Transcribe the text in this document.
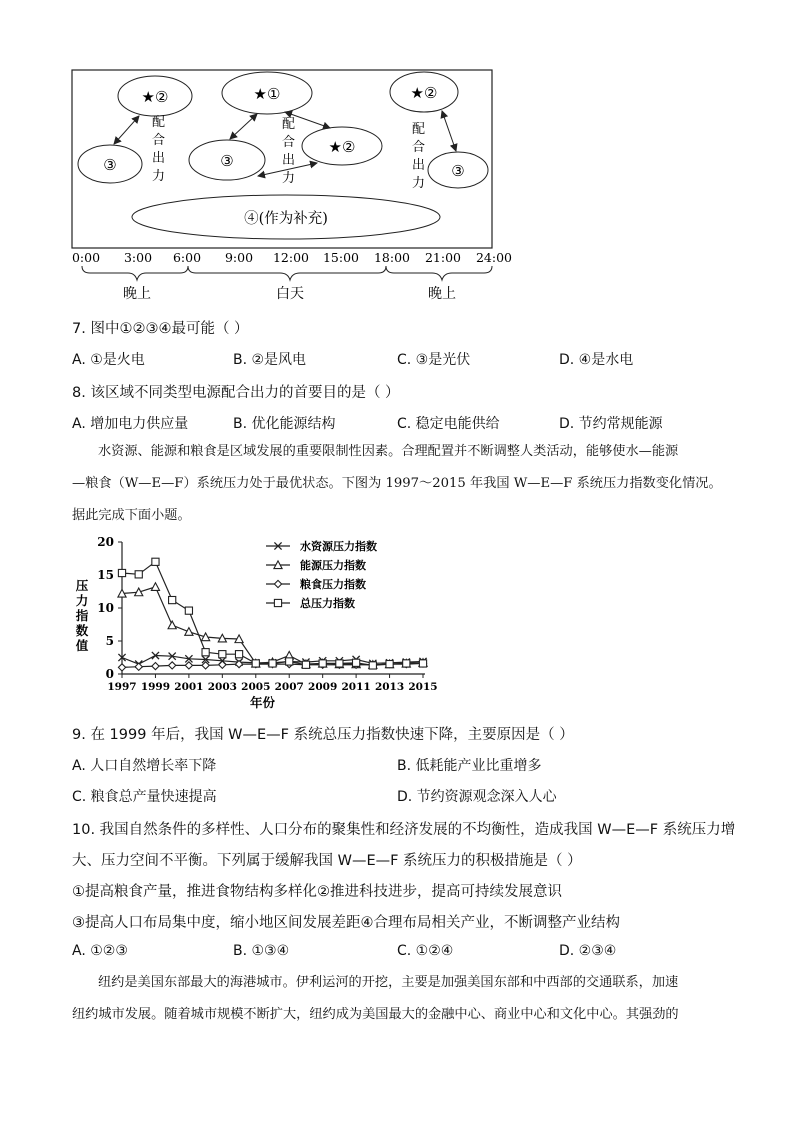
★②
③
配
合
出
力
★①
③
★②
配
合
出
力
★②
③
配
合
出
力
④(作为补充)
0:00 3:00 6:00 9:00 12:00 15:00 18:00 21:00 24:00
晚上	白天	晚上
7. 图中①②③④最可能（ ）
A. ①是火电	B. ②是风电	C. ③是光伏	D. ④是水电
8. 该区域不同类型电源配合出力的首要目的是（ ）
A. 增加电力供应量	B. 优化能源结构	C. 稳定电能供给	D. 节约常规能源
水资源、能源和粮食是区域发展的重要限制性因素。合理配置并不断调整人类活动，能够使水—能源
—粮食（W—E—F）系统压力处于最优状态。下图为 1997～2015 年我国 W—E—F 系统压力指数变化情况。
据此完成下面小题。
0
5
10
15
20
1997 1999 2001 2003 2005 2007 2009 2011 2013 2015
压
力
指
数
值
年份
水资源压力指数
能源压力指数
粮食压力指数
总压力指数
9. 在 1999 年后，我国 W—E—F 系统总压力指数快速下降，主要原因是（ ）
A. 人口自然增长率下降	B. 低耗能产业比重增多
C. 粮食总产量快速提高	D. 节约资源观念深入人心
10. 我国自然条件的多样性、人口分布的聚集性和经济发展的不均衡性，造成我国 W—E—F 系统压力增
大、压力空间不平衡。下列属于缓解我国 W—E—F 系统压力的积极措施是（ ）
①提高粮食产量，推进食物结构多样化②推进科技进步，提高可持续发展意识
③提高人口布局集中度，缩小地区间发展差距④合理布局相关产业，不断调整产业结构
A. ①②③	B. ①③④	C. ①②④	D. ②③④
纽约是美国东部最大的海港城市。伊利运河的开挖，主要是加强美国东部和中西部的交通联系，加速
纽约城市发展。随着城市规模不断扩大，纽约成为美国最大的金融中心、商业中心和文化中心。其强劲的
